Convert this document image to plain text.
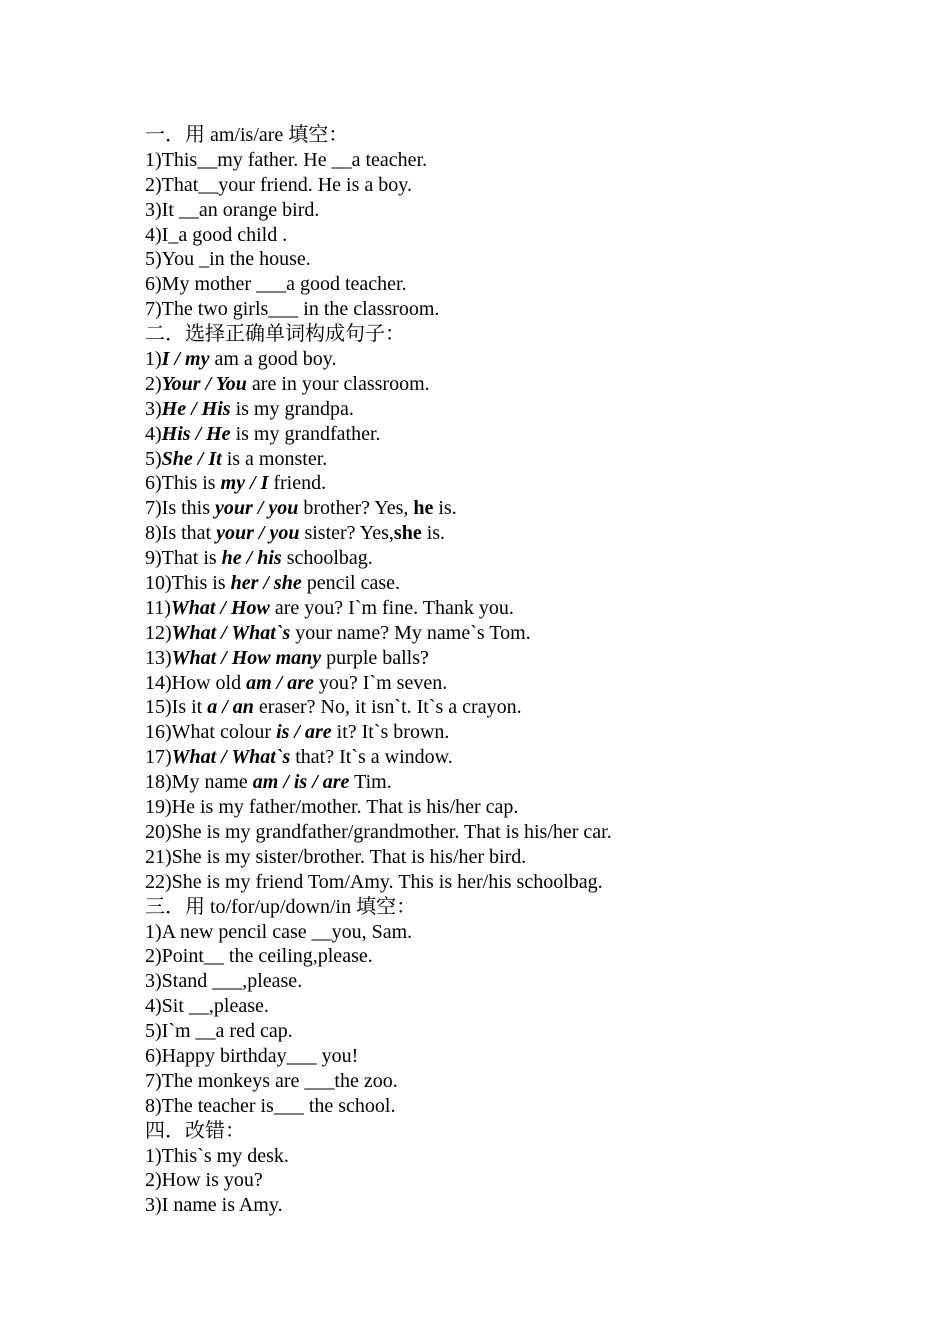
一．用 am/is/are 填空：
1)This__my father. He __a teacher.
2)That__your friend. He is a boy.
3)It __an orange bird.
4)I_a good child .
5)You _in the house.
6)My mother ___a good teacher.
7)The two girls___ in the classroom.
二．选择正确单词构成句子：
1)I / my am a good boy.
2)Your / You are in your classroom.
3)He / His is my grandpa.
4)His / He is my grandfather.
5)She / It is a monster.
6)This is my / I friend.
7)Is this your / you brother? Yes, he is.
8)Is that your / you sister? Yes,she is.
9)That is he / his schoolbag.
10)This is her / she pencil case.
11)What / How are you? I`m fine. Thank you.
12)What / What`s your name? My name`s Tom.
13)What / How many purple balls?
14)How old am / are you? I`m seven.
15)Is it a / an eraser? No, it isn`t. It`s a crayon.
16)What colour is / are it? It`s brown.
17)What / What`s that? It`s a window.
18)My name am / is / are Tim.
19)He is my father/mother. That is his/her cap.
20)She is my grandfather/grandmother. That is his/her car.
21)She is my sister/brother. That is his/her bird.
22)She is my friend Tom/Amy. This is her/his schoolbag.
三．用 to/for/up/down/in 填空：
1)A new pencil case __you, Sam.
2)Point__ the ceiling,please.
3)Stand ___,please.
4)Sit __,please.
5)I`m __a red cap.
6)Happy birthday___ you!
7)The monkeys are ___the zoo.
8)The teacher is___ the school.
四．改错：
1)This`s my desk.
2)How is you?
3)I name is Amy.
